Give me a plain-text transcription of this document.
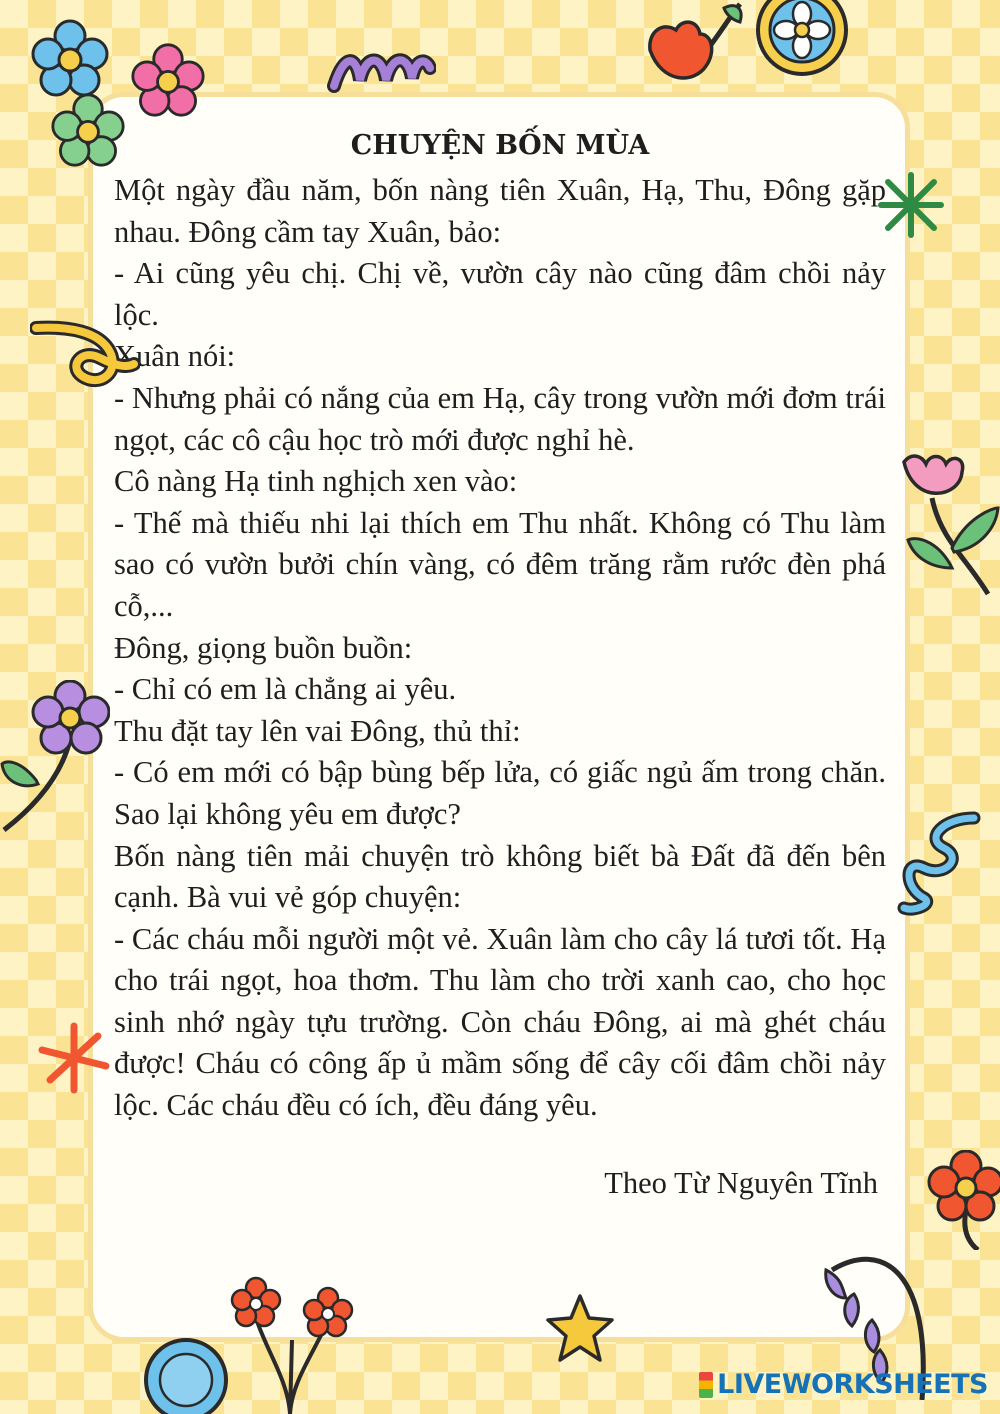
CHUYỆN BỐN MÙA

Một ngày đầu năm, bốn nàng tiên Xuân, Hạ, Thu, Đông gặp nhau. Đông cầm tay Xuân, bảo:

- Ai cũng yêu chị. Chị về, vườn cây nào cũng đâm chồi nảy lộc.

Xuân nói:

- Nhưng phải có nắng của em Hạ, cây trong vườn mới đơm trái ngọt, các cô cậu học trò mới được nghỉ hè.

Cô nàng Hạ tinh nghịch xen vào:

- Thế mà thiếu nhi lại thích em Thu nhất. Không có Thu làm sao có vườn bưởi chín vàng, có đêm trăng rằm rước đèn phá cỗ,...

Đông, giọng buồn buồn:

- Chỉ có em là chẳng ai yêu.

Thu đặt tay lên vai Đông, thủ thỉ:

- Có em mới có bập bùng bếp lửa, có giấc ngủ ấm trong chăn. Sao lại không yêu em được?

Bốn nàng tiên mải chuyện trò không biết bà Đất đã đến bên cạnh. Bà vui vẻ góp chuyện:

- Các cháu mỗi người một vẻ. Xuân làm cho cây lá tươi tốt. Hạ cho trái ngọt, hoa thơm. Thu làm cho trời xanh cao, cho học sinh nhớ ngày tựu trường. Còn cháu Đông, ai mà ghét cháu được! Cháu có công ấp ủ mầm sống để cây cối đâm chồi nảy lộc. Các cháu đều có ích, đều đáng yêu.

Theo Từ Nguyên Tĩnh
LIVEWORKSHEETS
